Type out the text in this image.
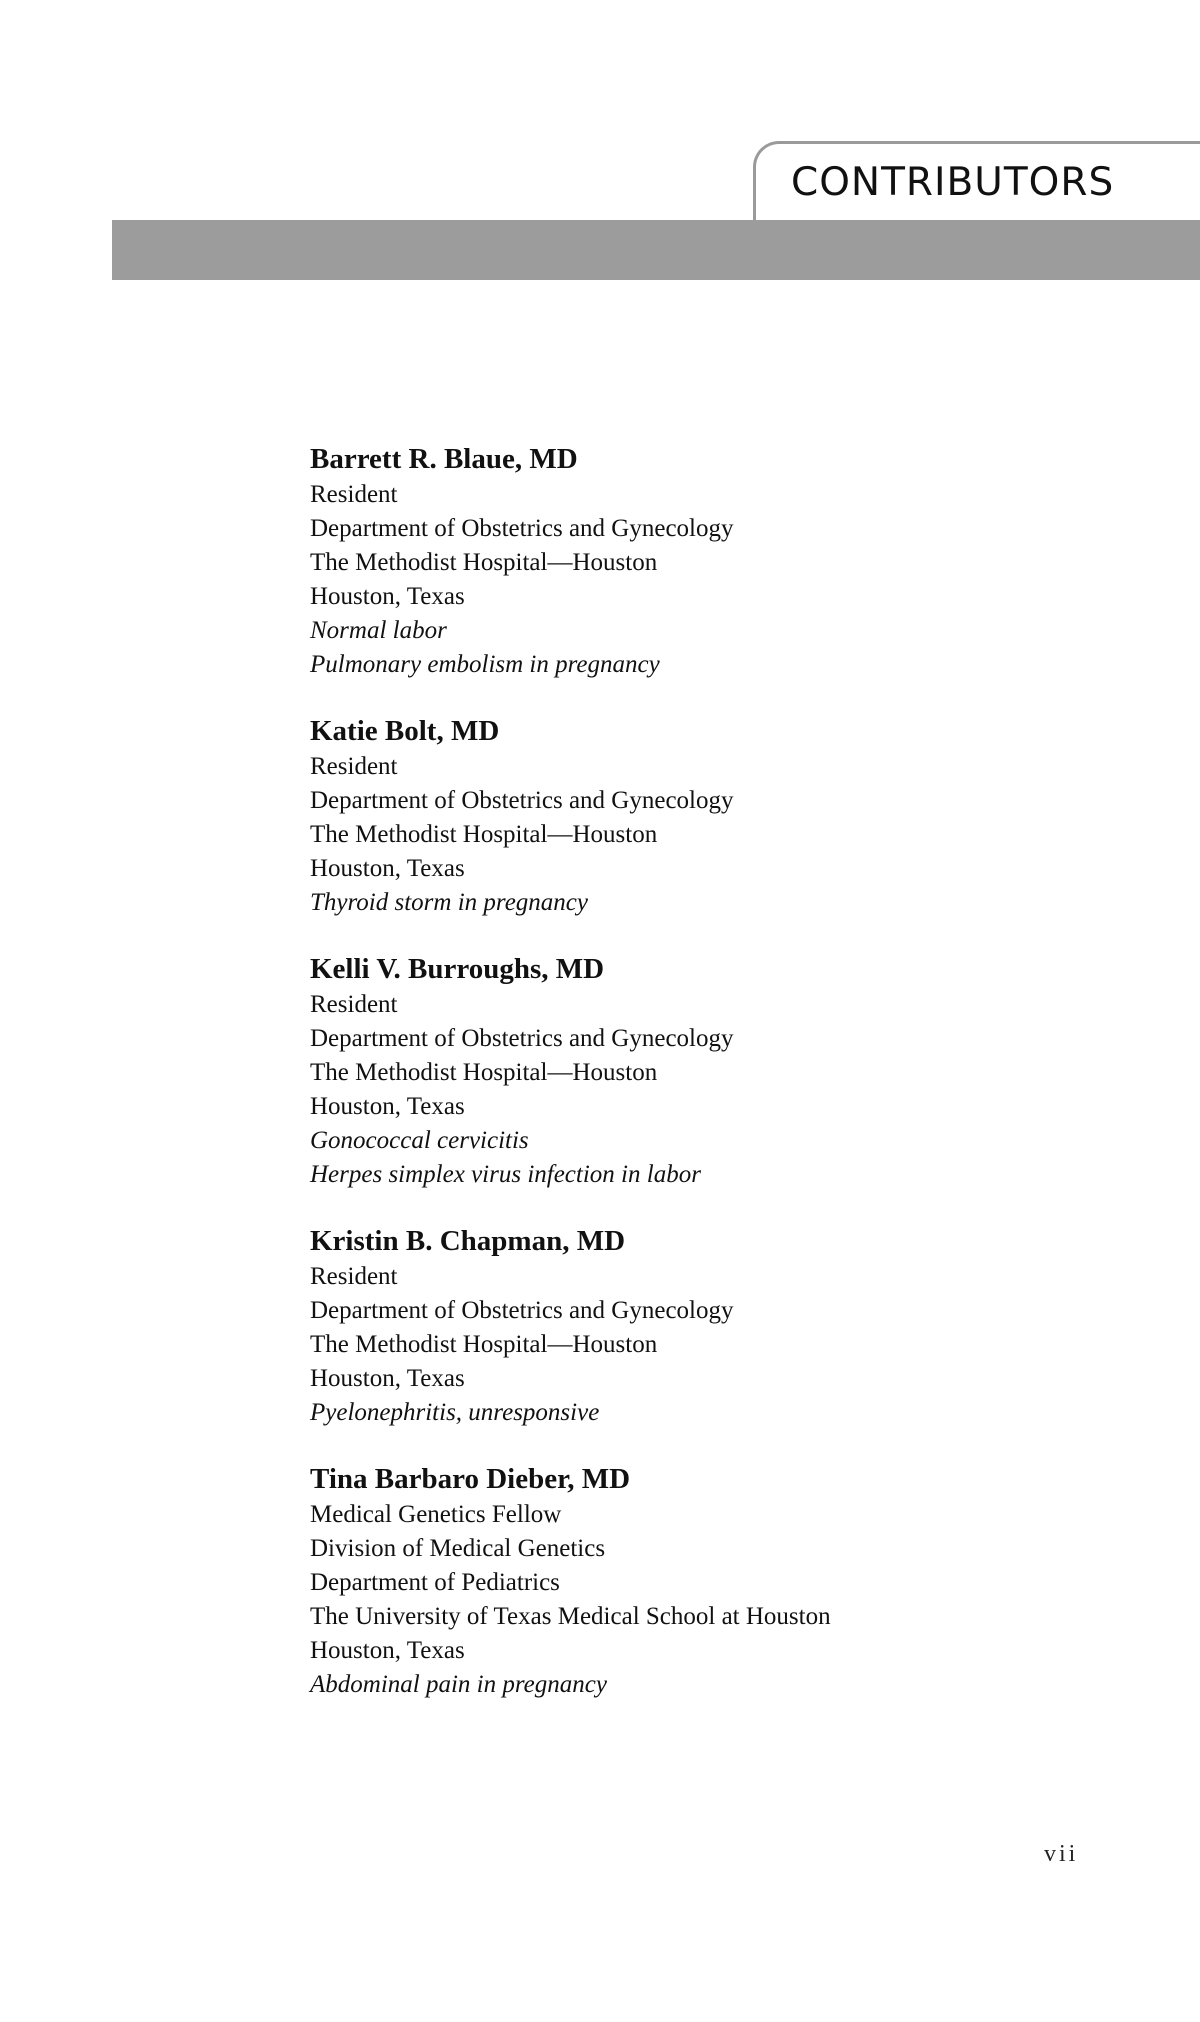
CONTRIBUTORS
Barrett R. Blaue, MD
Resident
Department of Obstetrics and Gynecology
The Methodist Hospital—Houston
Houston, Texas
Normal labor
Pulmonary embolism in pregnancy
Katie Bolt, MD
Resident
Department of Obstetrics and Gynecology
The Methodist Hospital—Houston
Houston, Texas
Thyroid storm in pregnancy
Kelli V. Burroughs, MD
Resident
Department of Obstetrics and Gynecology
The Methodist Hospital—Houston
Houston, Texas
Gonococcal cervicitis
Herpes simplex virus infection in labor
Kristin B. Chapman, MD
Resident
Department of Obstetrics and Gynecology
The Methodist Hospital—Houston
Houston, Texas
Pyelonephritis, unresponsive
Tina Barbaro Dieber, MD
Medical Genetics Fellow
Division of Medical Genetics
Department of Pediatrics
The University of Texas Medical School at Houston
Houston, Texas
Abdominal pain in pregnancy
vii
